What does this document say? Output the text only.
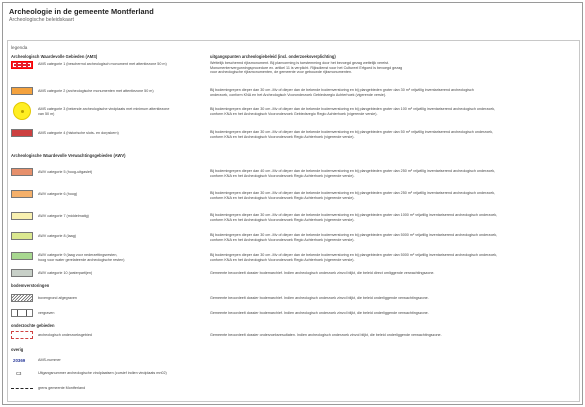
Archeologie in de gemeente Montferland
Archeologische beleidskaart
legenda
Archeologisch Waardevolle Gebieden (AMS)	uitgangspunten archeologiebeleid (incl. onderzoeksverplichting)
AMS categorie 1 (beschermd archeologisch monument met attentiezone 50 m)	Wettelijk beschermd rijksmonument. Bij planvorming is toestemming door het bevoegd gezag wettelijk vereist.
Monumentenvergunningsprocedure ex. artikel 11 is verplicht. Rijksdienst voor het Cultureel Erfgoed is bevoegd gezag
voor archeologische rijksmonumenten, de gemeente voor gebouwde rijksmonumenten.
AMS categorie 2 (archeologische monumenten met attentiezone 50 m)	Bij bodemingrepen dieper dan 30 cm -Mv of dieper dan de bekende bodemverstoring en bij plangebieden groter dan 30 m² vrijwillig inventariserend archeologisch
onderzoek, conform KNA en het Archeologisch Vooronderzoek Gebiedsregio Achterhoek (vigerende versie).
AMS categorie 3 (bekende archeologische vindplaats met minimum attentiezone
van 50 m)
Bij bodemingrepen dieper dan 30 cm -Mv of dieper dan de bekende bodemverstoring en bij plangebieden groter dan 100 m² vrijwillig inventariserend archeologisch onderzoek,
conform KNA en het Archeologisch Vooronderzoek Gebiedsregio Regio Achterhoek (vigerende versie).
AMS categorie 4 (historische slots- en dorpskern)	Bij bodemingrepen dieper dan 30 cm -Mv of dieper dan de bekende bodemverstoring en bij plangebieden groter dan 50 m² vrijwillig inventariserend archeologisch onderzoek,
conform KNA en het Archeologisch Vooronderzoek Regio Achterhoek (vigerende versie).
Archeologische Waardevolle Verwachtingsgebieden (AWV)
AWV categorie 5 (hoog-uitgaslet)	Bij bodemingrepen dieper dan 40 cm -Mv of dieper dan de bekende bodemverstoring en bij plangebieden groter dan 250 m² vrijwillig inventariserend archeologisch onderzoek,
conform KNA en het Archeologisch Vooronderzoek Regio Achterhoek (vigerende versie).
AWV categorie 6 (hoog)	Bij bodemingrepen dieper dan 30 cm -Mv of dieper dan de bekende bodemverstoring en bij plangebieden groter dan 250 m² vrijwillig inventariserend archeologisch onderzoek,
conform KNA en het Archeologisch Vooronderzoek Regio Achterhoek (vigerende versie).
AWV categorie 7 (middelmatig)	Bij bodemingrepen dieper dan 30 cm -Mv of dieper dan de bekende bodemverstoring en bij plangebieden groter dan 1000 m² vrijwillig inventariserend archeologisch onderzoek,
conform KNA en het Archeologisch Vooronderzoek Regio Achterhoek (vigerende versie).
AWV categorie 8 (laag)	Bij bodemingrepen dieper dan 30 cm -Mv of dieper dan de bekende bodemverstoring en bij plangebieden groter dan 5000 m² vrijwillig inventariserend archeologisch onderzoek,
conform KNA en het Archeologisch Vooronderzoek Regio Achterhoek (vigerende versie).
AWV categorie 9 (laag voor nederzettingsresten,
hoog voor water gerelateerde archeologische resten)
Bij bodemingrepen dieper dan 30 cm -Mv of dieper dan de bekende bodemverstoring en bij plangebieden groter dan 5000 m² vrijwillig inventariserend archeologisch onderzoek,
conform KNA en het Archeologisch Vooronderzoek Regio Achterhoek (vigerende versie).
AWV categorie 10 (waterpartijen)	Gemeente beoordeelt dossier bodemarchief. Indien archeologisch onderzoek zinvol blijkt, die beleid direct omliggende verwachtingszone.
bodemverstoringen
bovengrond afgegraven	Gemeente beoordeelt dossier bodemarchief. Indien archeologisch onderzoek zinvol blijkt, die beleid onderliggende verwachtingszone.
vergraven	Gemeente beoordeelt dossier bodemarchief. Indien archeologisch onderzoek zinvol blijkt, die beleid onderliggende verwachtingszone.
onderzochte gebieden
archeologisch onderzoeksgebied	Gemeente beoordeelt dossier onderzoeksresultaten. Indien archeologisch onderzoek zinvol blijkt, die beleid onderliggende verwachtingszone.
overig
20369	AMS-nummer
C3	Uitgangsnummer archeologische vindplaatsen (cursief indien vindplaats mn02)
grens gemeente Montferland
